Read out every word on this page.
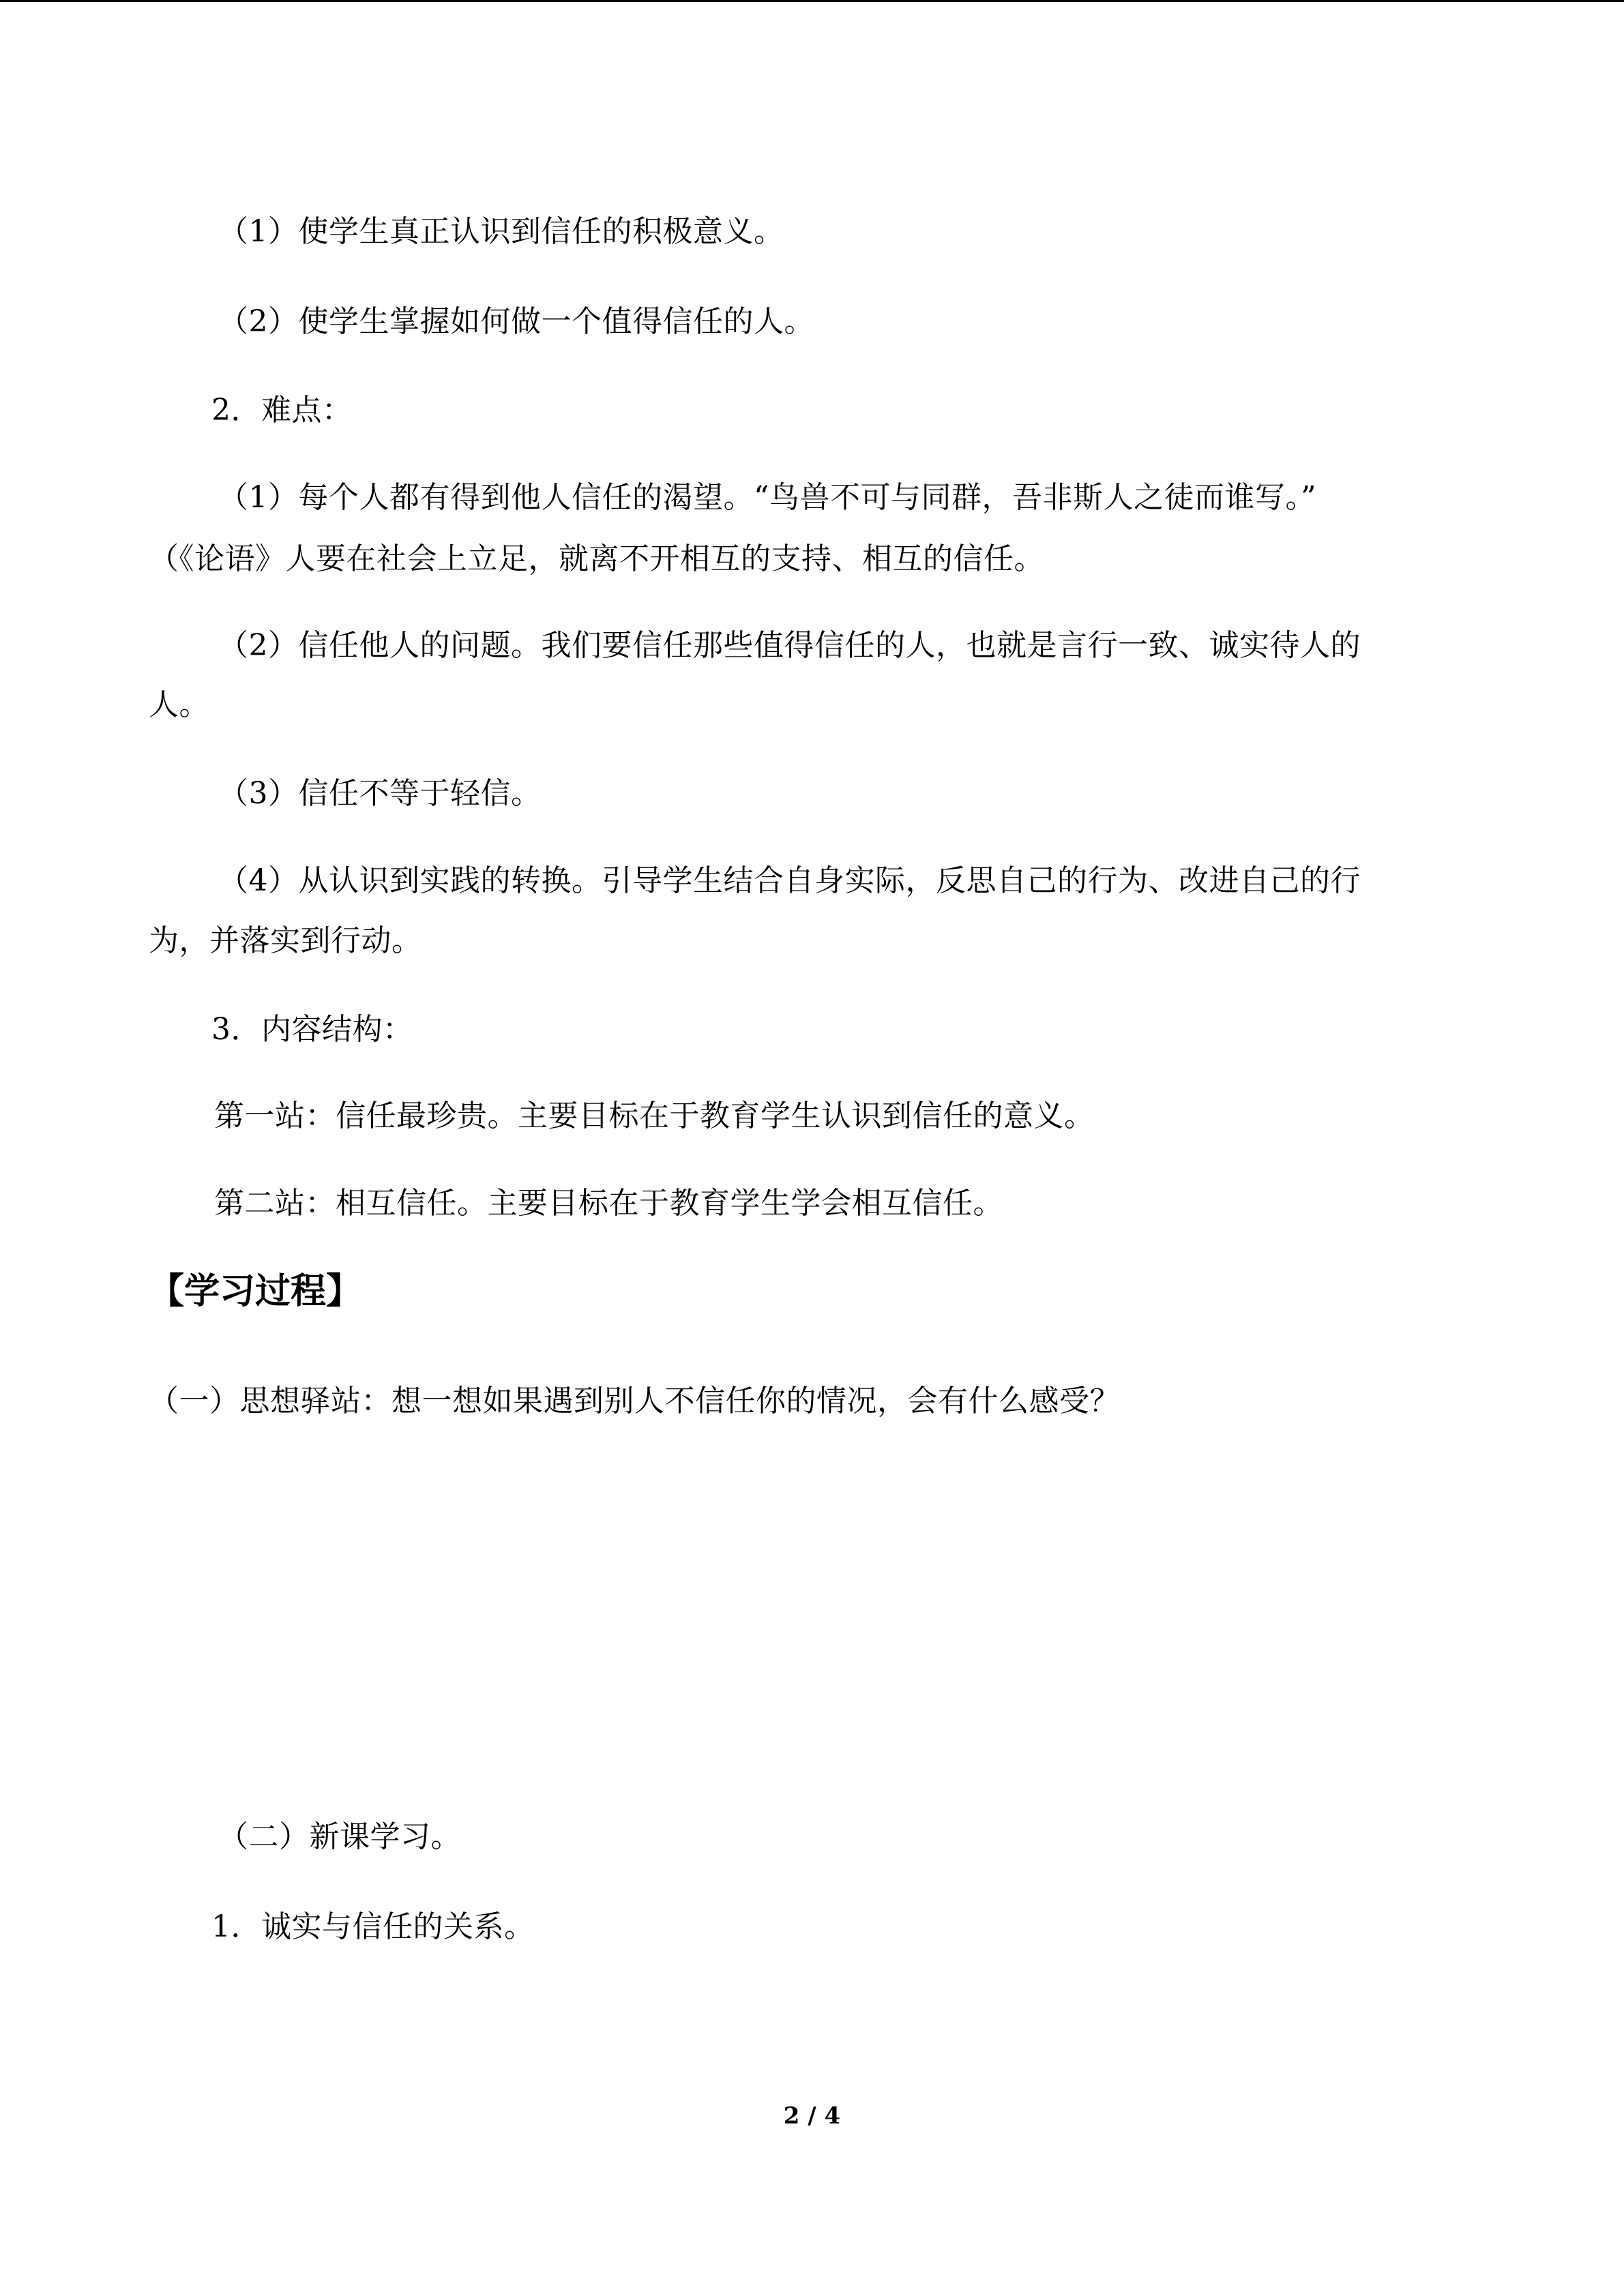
（1）使学生真正认识到信任的积极意义。
（2）使学生掌握如何做一个值得信任的人。
2．难点：
（1）每个人都有得到他人信任的渴望。“鸟兽不可与同群，吾非斯人之徒而谁写。”
（《论语》人要在社会上立足，就离不开相互的支持、相互的信任。
（2）信任他人的问题。我们要信任那些值得信任的人，也就是言行一致、诚实待人的
人。
（3）信任不等于轻信。
（4）从认识到实践的转换。引导学生结合自身实际，反思自己的行为、改进自己的行
为，并落实到行动。
3．内容结构：
第一站：信任最珍贵。主要目标在于教育学生认识到信任的意义。
第二站：相互信任。主要目标在于教育学生学会相互信任。
【学习过程】
（一）思想驿站：想一想如果遇到别人不信任你的情况，会有什么感受？
（二）新课学习。
1．诚实与信任的关系。
2 / 4
